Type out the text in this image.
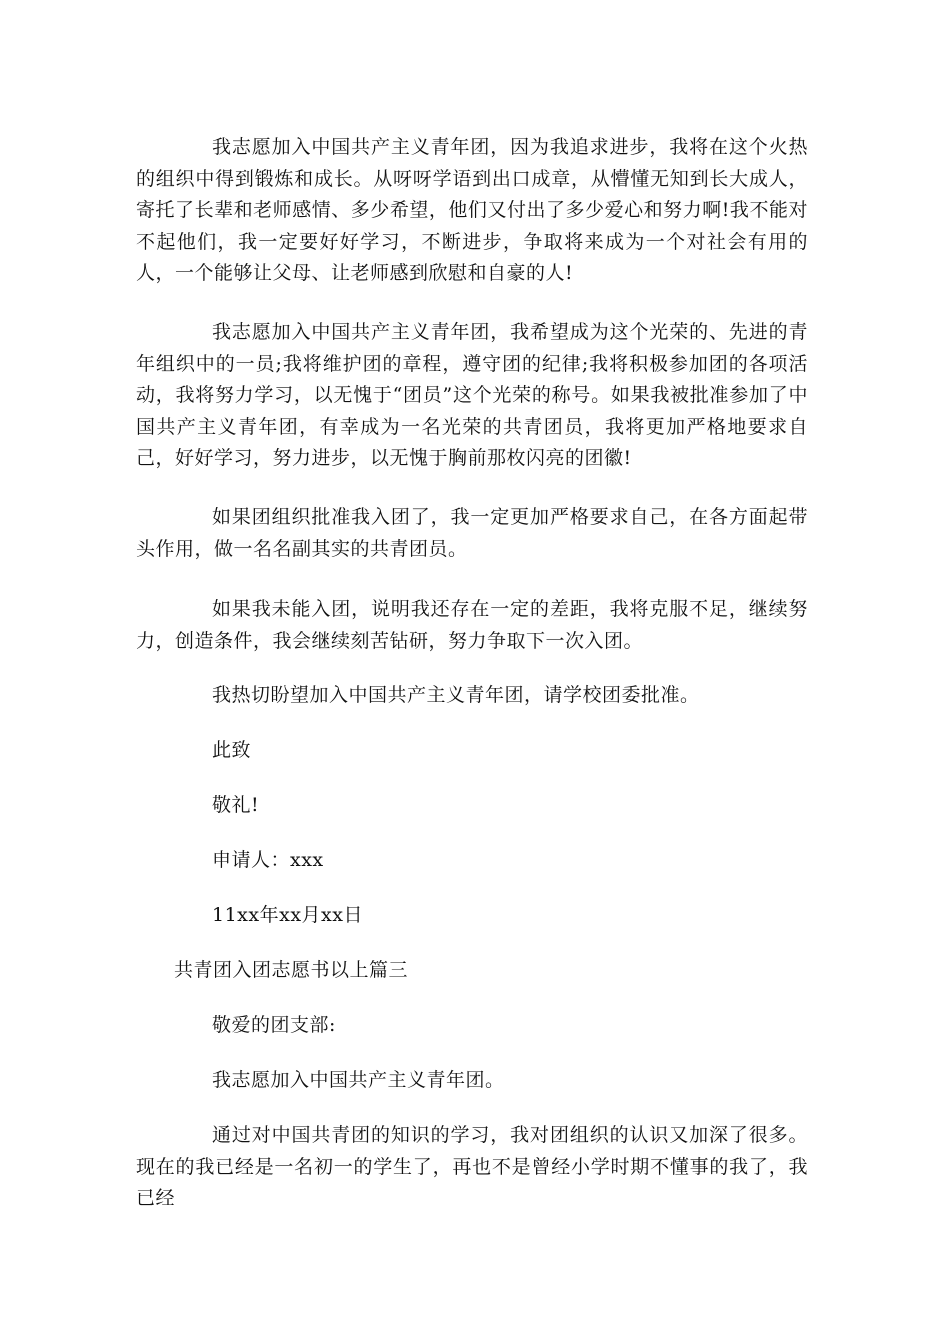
我志愿加入中国共产主义青年团，因为我追求进步，我将在这个火热的组织中得到锻炼和成长。从呀呀学语到出口成章，从懵懂无知到长大成人，寄托了长辈和老师感情、多少希望，他们又付出了多少爱心和努力啊!我不能对不起他们，我一定要好好学习，不断进步，争取将来成为一个对社会有用的人，一个能够让父母、让老师感到欣慰和自豪的人!

我志愿加入中国共产主义青年团，我希望成为这个光荣的、先进的青年组织中的一员;我将维护团的章程，遵守团的纪律;我将积极参加团的各项活动，我将努力学习，以无愧于“团员”这个光荣的称号。如果我被批准参加了中国共产主义青年团，有幸成为一名光荣的共青团员，我将更加严格地要求自己，好好学习，努力进步，以无愧于胸前那枚闪亮的团徽!

如果团组织批准我入团了，我一定更加严格要求自己，在各方面起带头作用，做一名名副其实的共青团员。

如果我未能入团，说明我还存在一定的差距，我将克服不足，继续努力，创造条件，我会继续刻苦钻研，努力争取下一次入团。

我热切盼望加入中国共产主义青年团，请学校团委批准。

此致

敬礼!

申请人：xxx

11xx年xx月xx日

共青团入团志愿书以上篇三

敬爱的团支部:

我志愿加入中国共产主义青年团。

通过对中国共青团的知识的学习，我对团组织的认识又加深了很多。现在的我已经是一名初一的学生了，再也不是曾经小学时期不懂事的我了，我已经
